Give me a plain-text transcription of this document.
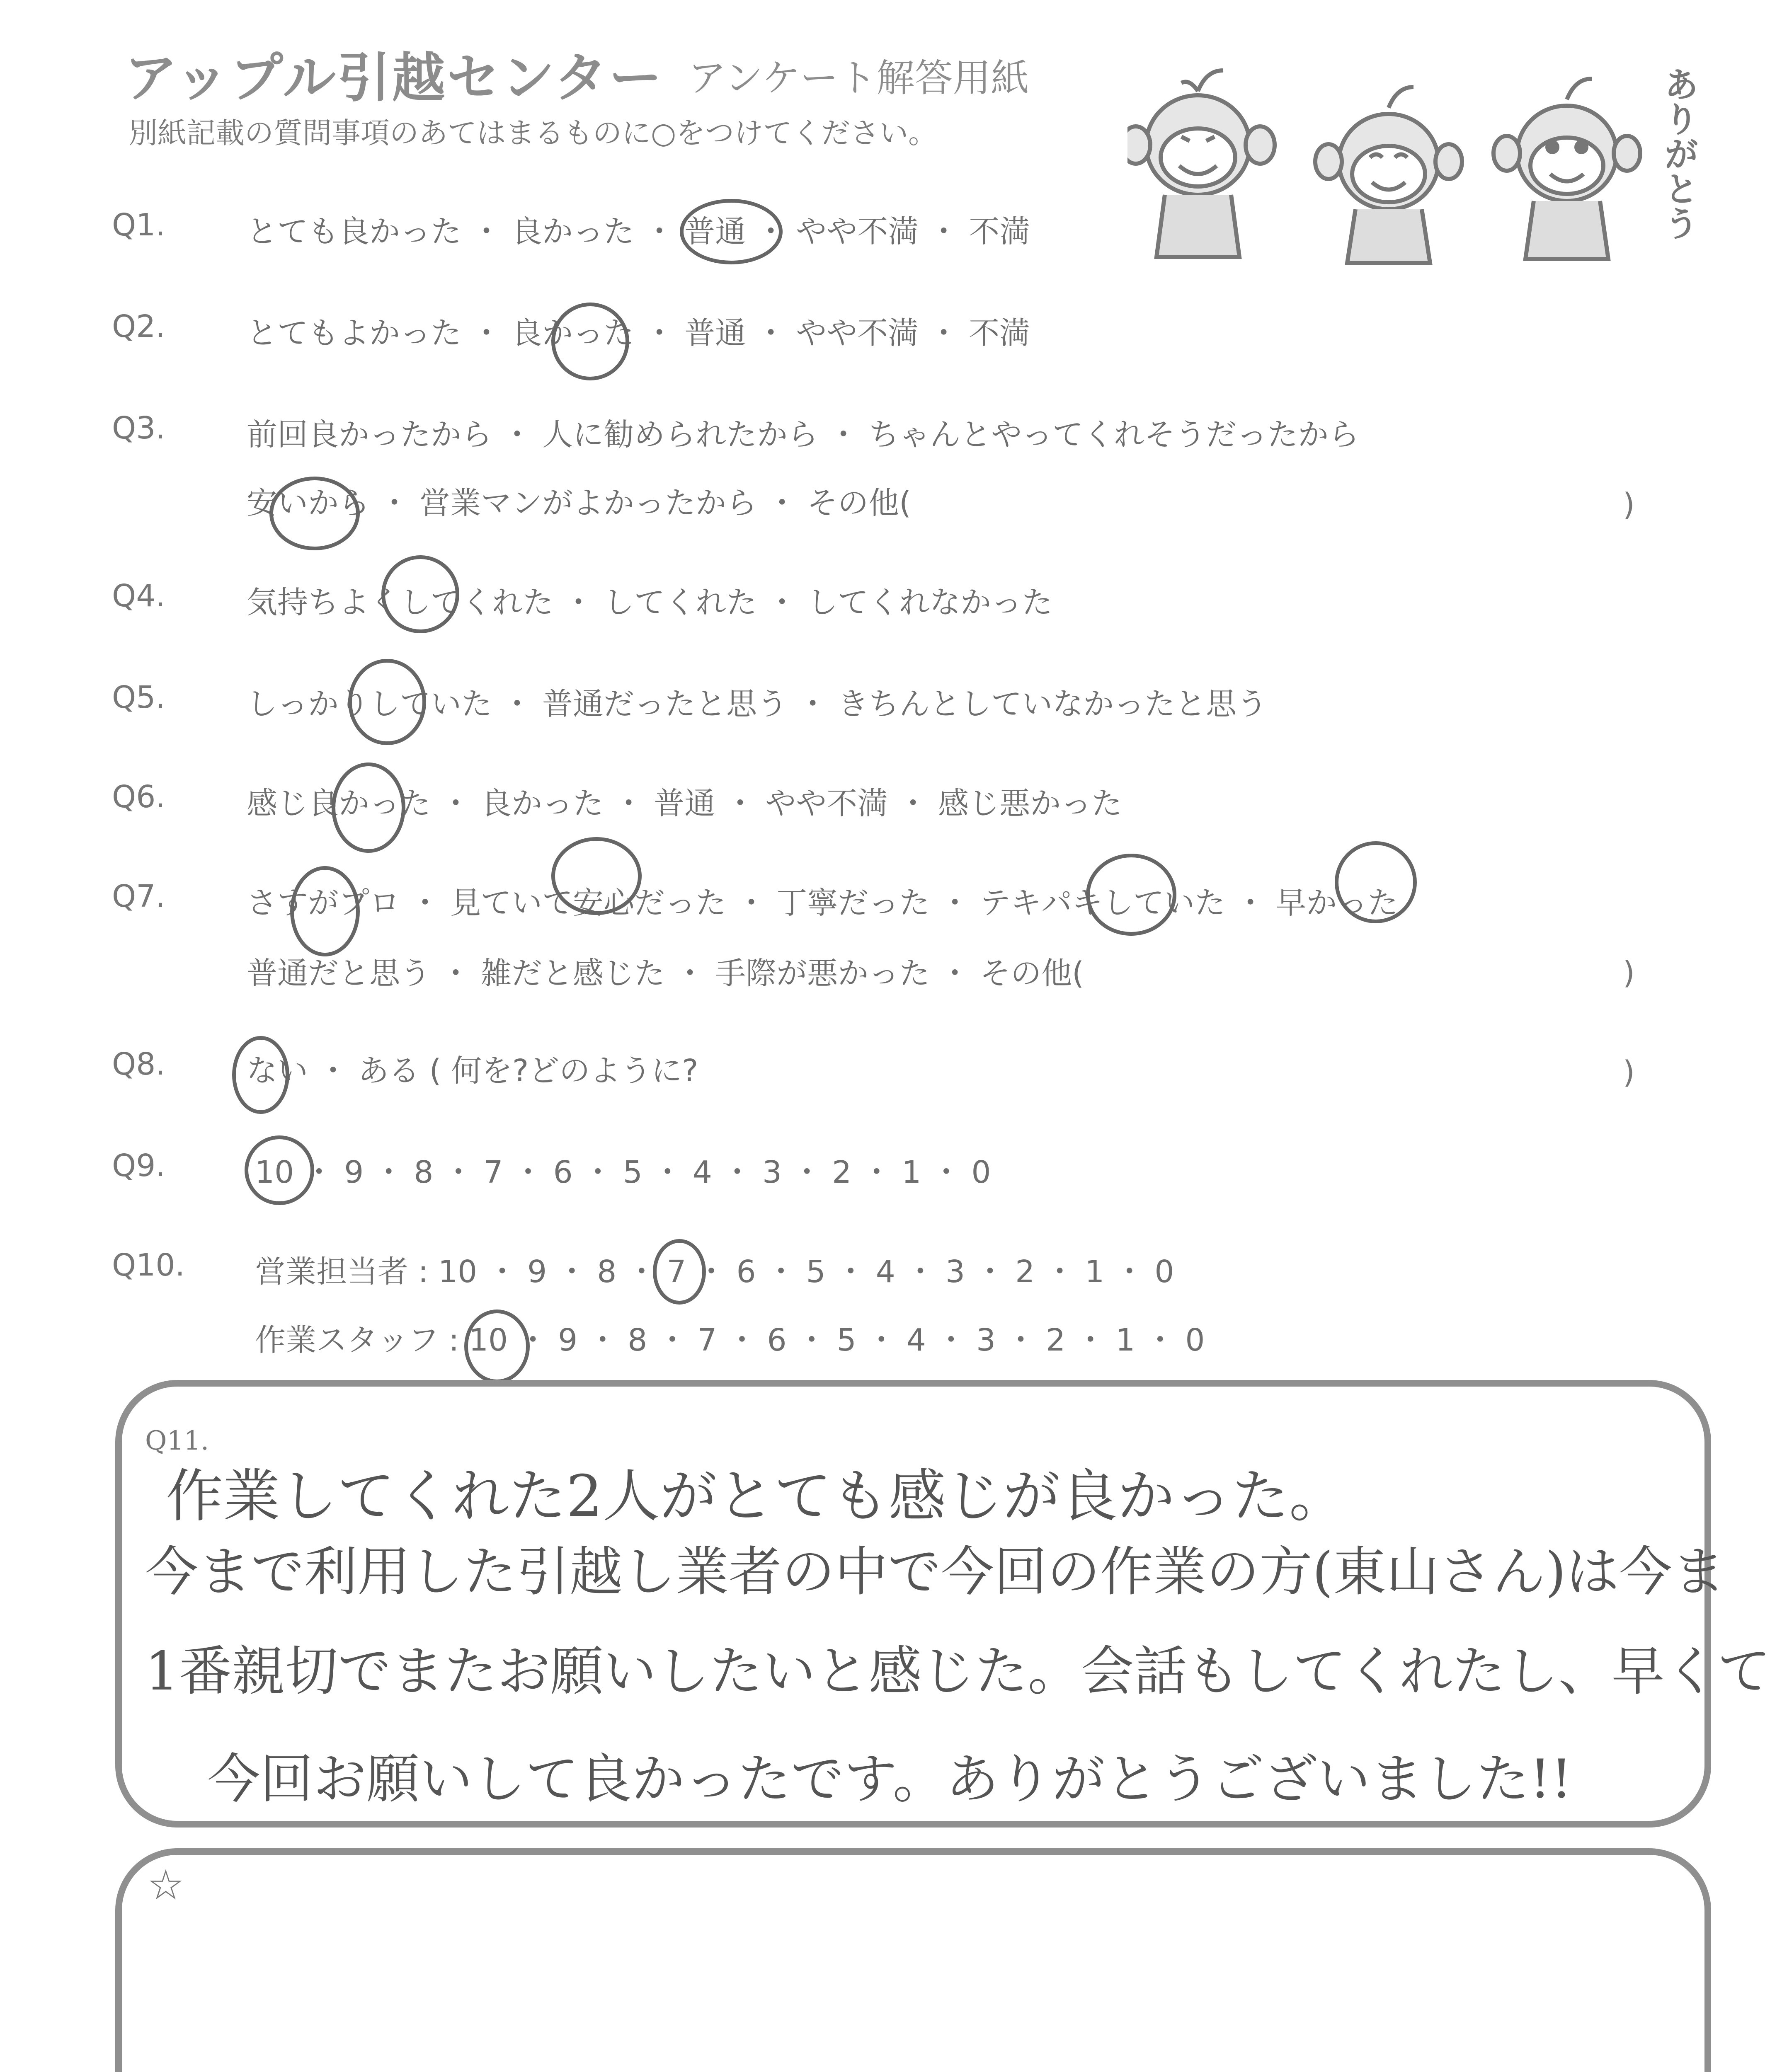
アップル引越センター アンケート解答用紙
別紙記載の質問事項のあてはまるものに○をつけてください。	ありがとう
Q1.	とても良かった ・ 良かった ・ 普通 ・ やや不満 ・ 不満
Q2.	とてもよかった ・ 良かった ・ 普通 ・ やや不満 ・ 不満
Q3.	前回良かったから ・ 人に勧められたから ・ ちゃんとやってくれそうだったから
安いから ・ 営業マンがよかったから ・ その他(	)
Q4.	気持ちよくしてくれた ・ してくれた ・ してくれなかった
Q5.	しっかりしていた ・ 普通だったと思う ・ きちんとしていなかったと思う
Q6.	感じ良かった ・ 良かった ・ 普通 ・ やや不満 ・ 感じ悪かった
Q7.	さすがプロ ・ 見ていて安心だった ・ 丁寧だった ・ テキパキしていた ・ 早かった
普通だと思う ・ 雑だと感じた ・ 手際が悪かった ・ その他(	)
Q8.	ない ・ ある ( 何を?どのように?	)
Q9.	10 ・ 9 ・ 8 ・ 7 ・ 6 ・ 5 ・ 4 ・ 3 ・ 2 ・ 1 ・ 0
Q10. 営業担当者 : 10 ・ 9 ・ 8 ・ 7 ・ 6 ・ 5 ・ 4 ・ 3 ・ 2 ・ 1 ・ 0
作業スタッフ : 10 ・ 9 ・ 8 ・ 7 ・ 6 ・ 5 ・ 4 ・ 3 ・ 2 ・ 1 ・ 0
Q11.
作業してくれた2人がとても感じが良かった。
今まで利用した引越し業者の中で今回の作業の方(東山さん)は今ま
1番親切でまたお願いしたいと感じた。会話もしてくれたし、早くて
今回お願いして良かったです。ありがとうございました!!
☆
